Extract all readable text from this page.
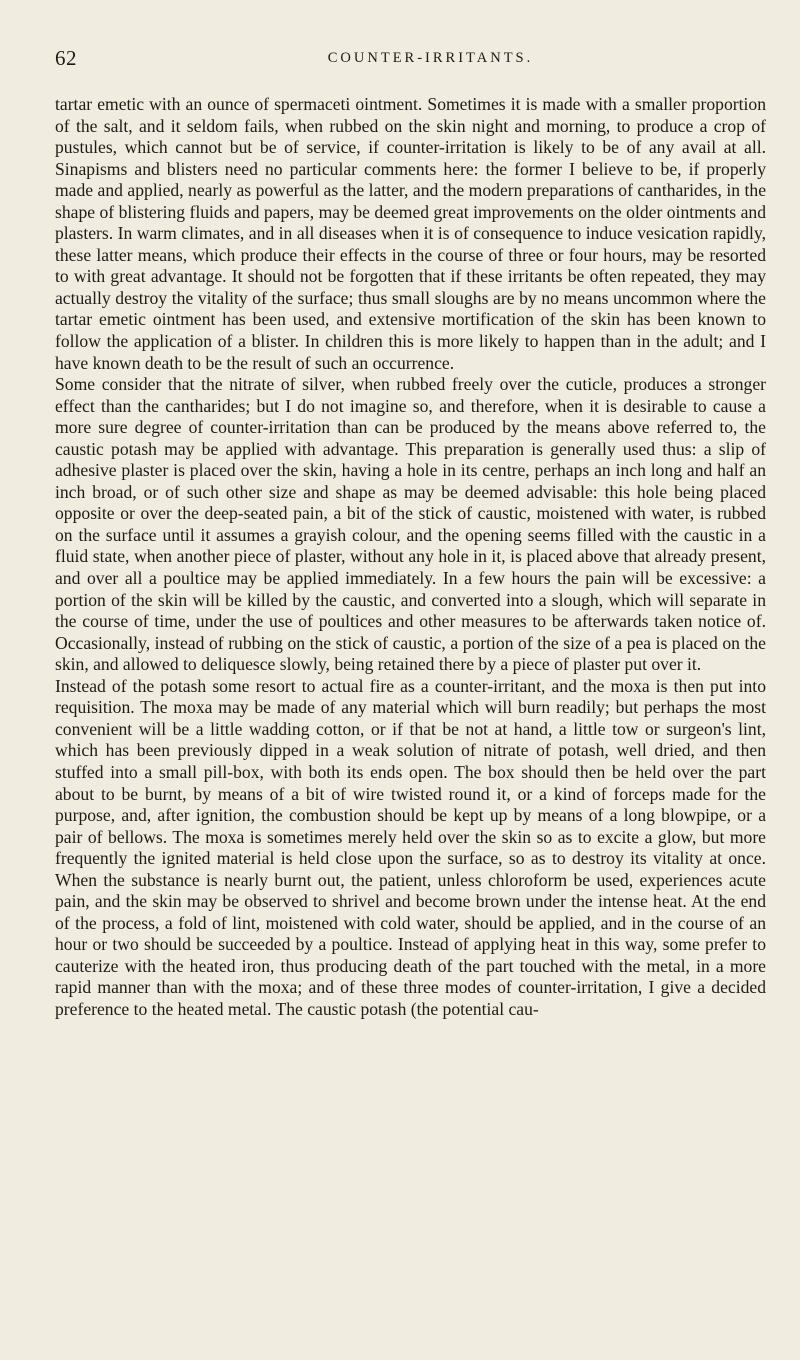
62	COUNTER-IRRITANTS.

tartar emetic with an ounce of spermaceti ointment. Sometimes it is made with a smaller proportion of the salt, and it seldom fails, when rubbed on the skin night and morning, to produce a crop of pustules, which cannot but be of service, if counter-irritation is likely to be of any avail at all. Sinapisms and blisters need no particular comments here: the former I believe to be, if properly made and applied, nearly as powerful as the latter, and the modern preparations of cantharides, in the shape of blistering fluids and papers, may be deemed great improvements on the older ointments and plasters. In warm climates, and in all diseases when it is of consequence to induce vesication rapidly, these latter means, which produce their effects in the course of three or four hours, may be resorted to with great advantage. It should not be forgotten that if these irritants be often repeated, they may actually destroy the vitality of the surface; thus small sloughs are by no means uncommon where the tartar emetic ointment has been used, and extensive mortification of the skin has been known to follow the application of a blister. In children this is more likely to happen than in the adult; and I have known death to be the result of such an occurrence.

Some consider that the nitrate of silver, when rubbed freely over the cuticle, produces a stronger effect than the cantharides; but I do not imagine so, and therefore, when it is desirable to cause a more sure degree of counter-irritation than can be produced by the means above referred to, the caustic potash may be applied with advantage. This preparation is generally used thus: a slip of adhesive plaster is placed over the skin, having a hole in its centre, perhaps an inch long and half an inch broad, or of such other size and shape as may be deemed advisable: this hole being placed opposite or over the deep-seated pain, a bit of the stick of caustic, moistened with water, is rubbed on the surface until it assumes a grayish colour, and the opening seems filled with the caustic in a fluid state, when another piece of plaster, without any hole in it, is placed above that already present, and over all a poultice may be applied immediately. In a few hours the pain will be excessive: a portion of the skin will be killed by the caustic, and converted into a slough, which will separate in the course of time, under the use of poultices and other measures to be afterwards taken notice of. Occasionally, instead of rubbing on the stick of caustic, a portion of the size of a pea is placed on the skin, and allowed to deliquesce slowly, being retained there by a piece of plaster put over it.

Instead of the potash some resort to actual fire as a counter-irritant, and the moxa is then put into requisition. The moxa may be made of any material which will burn readily; but perhaps the most convenient will be a little wadding cotton, or if that be not at hand, a little tow or surgeon's lint, which has been previously dipped in a weak solution of nitrate of potash, well dried, and then stuffed into a small pill-box, with both its ends open. The box should then be held over the part about to be burnt, by means of a bit of wire twisted round it, or a kind of forceps made for the purpose, and, after ignition, the combustion should be kept up by means of a long blowpipe, or a pair of bellows. The moxa is sometimes merely held over the skin so as to excite a glow, but more frequently the ignited material is held close upon the surface, so as to destroy its vitality at once. When the substance is nearly burnt out, the patient, unless chloroform be used, experiences acute pain, and the skin may be observed to shrivel and become brown under the intense heat. At the end of the process, a fold of lint, moistened with cold water, should be applied, and in the course of an hour or two should be succeeded by a poultice. Instead of applying heat in this way, some prefer to cauterize with the heated iron, thus producing death of the part touched with the metal, in a more rapid manner than with the moxa; and of these three modes of counter-irritation, I give a decided preference to the heated metal. The caustic potash (the potential cau-
